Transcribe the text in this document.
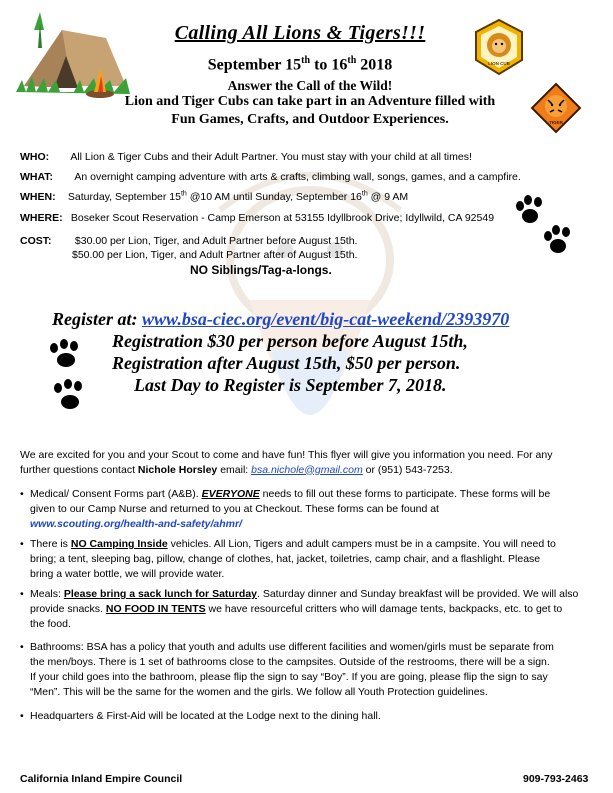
Calling All Lions & Tigers!!!
September 15th to 16th 2018
Answer the Call of the Wild!
Lion and Tiger Cubs can take part in an Adventure filled with
Fun Games, Crafts, and Outdoor Experiences.
LION CUB
TIGER
WHO: All Lion & Tiger Cubs and their Adult Partner. You must stay with your child at all times!
WHAT: An overnight camping adventure with arts & crafts, climbing wall, songs, games, and a campfire.
WHEN: Saturday, September 15th @10 AM until Sunday, September 16th @ 9 AM
WHERE: Boseker Scout Reservation - Camp Emerson at 53155 Idyllbrook Drive; Idyllwild, CA 92549
COST: $30.00 per Lion, Tiger, and Adult Partner before August 15th.
$50.00 per Lion, Tiger, and Adult Partner after of August 15th.
NO Siblings/Tag-a-longs.
Register at: www.bsa-ciec.org/event/big-cat-weekend/2393970
Registration $30 per person before August 15th,
Registration after August 15th, $50 per person.
Last Day to Register is September 7, 2018.
We are excited for you and your Scout to come and have fun! This flyer will give you information you need. For any
further questions contact Nichole Horsley email: bsa.nichole@gmail.com or (951) 543-7253.
• Medical/ Consent Forms part (A&B). EVERYONE needs to fill out these forms to participate. These forms will be
given to our Camp Nurse and returned to you at Checkout. These forms can be found at
www.scouting.org/health-and-safety/ahmr/
• There is NO Camping Inside vehicles. All Lion, Tigers and adult campers must be in a campsite. You will need to
bring; a tent, sleeping bag, pillow, change of clothes, hat, jacket, toiletries, camp chair, and a flashlight. Please
bring a water bottle, we will provide water.
• Meals: Please bring a sack lunch for Saturday. Saturday dinner and Sunday breakfast will be provided. We will also
provide snacks. NO FOOD IN TENTS we have resourceful critters who will damage tents, backpacks, etc. to get to
the food.
• Bathrooms: BSA has a policy that youth and adults use different facilities and women/girls must be separate from
the men/boys. There is 1 set of bathrooms close to the campsites. Outside of the restrooms, there will be a sign.
If your child goes into the bathroom, please flip the sign to say “Boy”. If you are going, please flip the sign to say
“Men”. This will be the same for the women and the girls. We follow all Youth Protection guidelines.
• Headquarters & First-Aid will be located at the Lodge next to the dining hall.
California Inland Empire Council	909-793-2463
